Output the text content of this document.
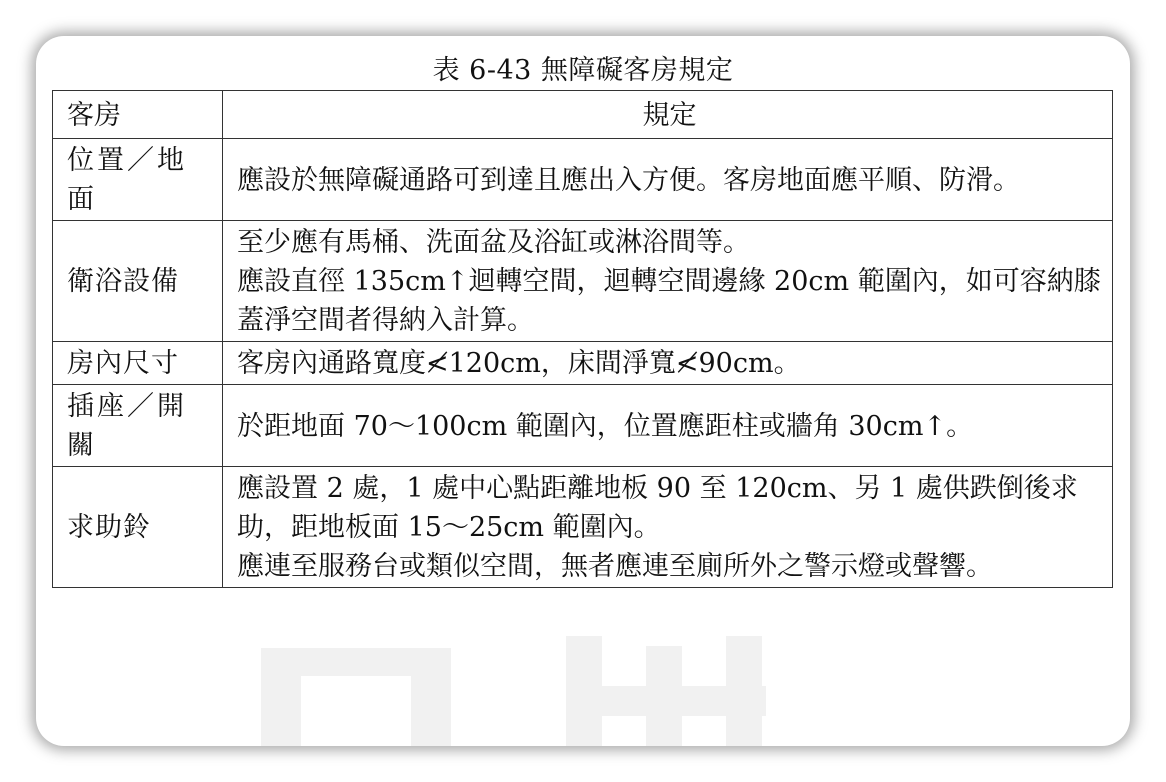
表 6-43 無障礙客房規定
客房	規定
位置／地面	應設於無障礙通路可到達且應出入方便。客房地面應平順、防滑。

衛浴設備	至少應有馬桶、洗面盆及浴缸或淋浴間等。
應設直徑 135cm↑迴轉空間，迴轉空間邊緣 20cm 範圍內，如可容納膝蓋淨空間者得納入計算。

房內尺寸	客房內通路寬度≮120cm，床間淨寬≮90cm。

插座／開關	於距地面 70～100cm 範圍內，位置應距柱或牆角 30cm↑。

求助鈴	應設置 2 處，1 處中心點距離地板 90 至 120cm、另 1 處供跌倒後求助，距地板面 15～25cm 範圍內。
應連至服務台或類似空間，無者應連至廁所外之警示燈或聲響。
